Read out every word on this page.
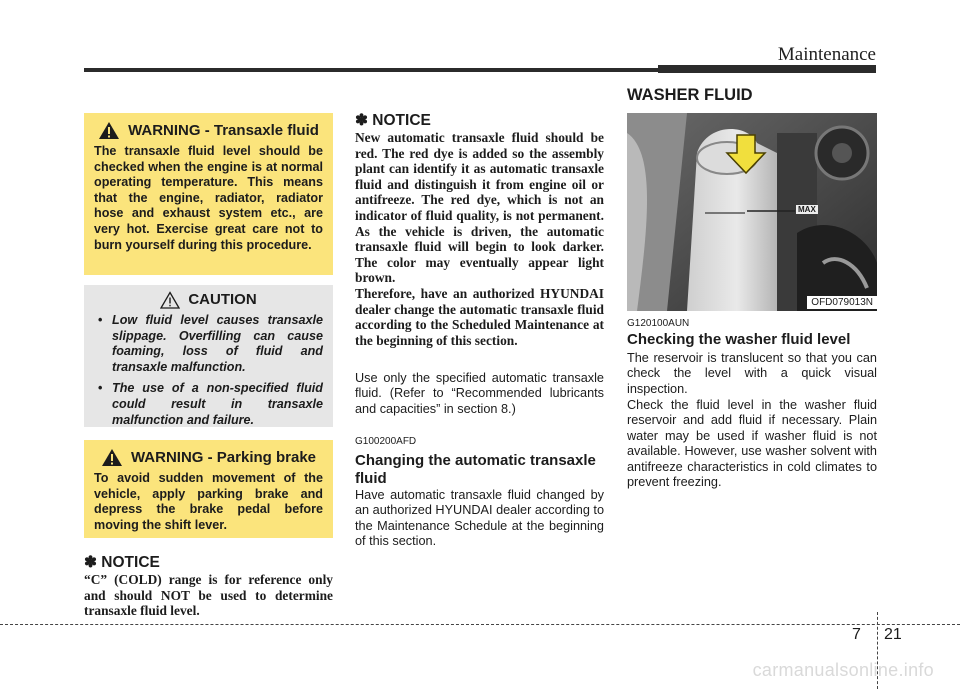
Maintenance
WARNING - Transaxle fluid
The transaxle fluid level should be checked when the engine is at normal operating temperature. This means that the engine, radiator, radiator hose and exhaust system etc., are very hot. Exercise great care not to burn yourself during this procedure.
CAUTION
• Low fluid level causes transaxle slippage. Overfilling can cause foaming, loss of fluid and transaxle malfunction.
• The use of a non-specified fluid could result in transaxle malfunction and failure.
WARNING - Parking brake
To avoid sudden movement of the vehicle, apply parking brake and depress the brake pedal before moving the shift lever.
✽ NOTICE
“C” (COLD) range is for reference only and should NOT be used to determine transaxle fluid level.
✽ NOTICE
New automatic transaxle fluid should be red. The red dye is added so the assembly plant can identify it as automatic transaxle fluid and distinguish it from engine oil or antifreeze. The red dye, which is not an indicator of fluid quality, is not permanent. As the vehicle is driven, the automatic transaxle fluid will begin to look darker. The color may eventually appear light brown.
Therefore, have an authorized HYUNDAI dealer change the automatic transaxle fluid according to the Scheduled Maintenance at the beginning of this section.
Use only the specified automatic transaxle fluid. (Refer to “Recommended lubricants and capacities” in section 8.)
G100200AFD
Changing the automatic transaxle fluid
Have automatic transaxle fluid changed by an authorized HYUNDAI dealer according to the Maintenance Schedule at the beginning of this section.
WASHER FLUID
MAX
OFD079013N
G120100AUN
Checking the washer fluid level
The reservoir is translucent so that you can check the level with a quick visual inspection.
Check the fluid level in the washer fluid reservoir and add fluid if necessary. Plain water may be used if washer fluid is not available. However, use washer solvent with antifreeze characteristics in cold climates to prevent freezing.
7 21
carmanualsonline.info
